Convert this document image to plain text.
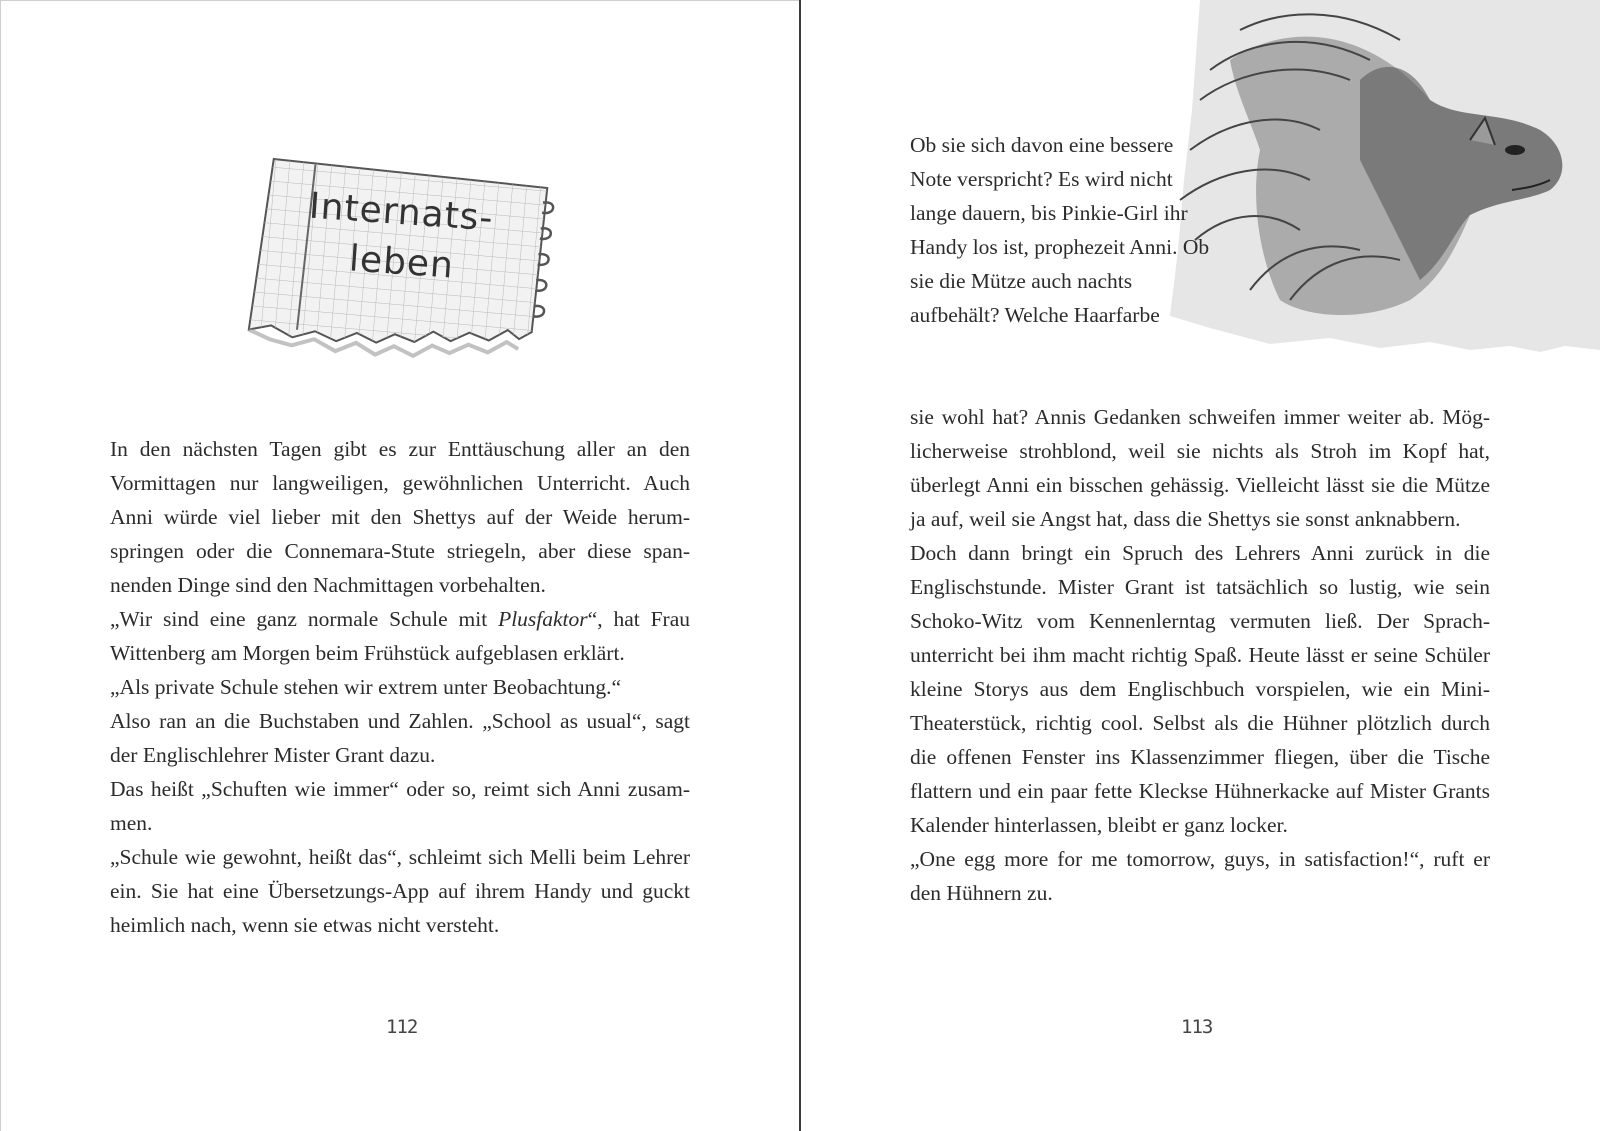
Internats-
leben

In den nächsten Tagen gibt es zur Enttäuschung aller an den Vormittagen nur langweiligen, gewöhnlichen Unterricht. Auch Anni würde viel lieber mit den Shettys auf der Weide herumspringen oder die Connemara-Stute striegeln, aber diese spannenden Dinge sind den Nachmittagen vorbehalten.

„Wir sind eine ganz normale Schule mit Plusfaktor“, hat Frau Wittenberg am Morgen beim Frühstück aufgeblasen erklärt.

„Als private Schule stehen wir extrem unter Beobachtung.“

Also ran an die Buchstaben und Zahlen. „School as usual“, sagt der Englischlehrer Mister Grant dazu.

Das heißt „Schuften wie immer“ oder so, reimt sich Anni zusammen.

„Schule wie gewohnt, heißt das“, schleimt sich Melli beim Lehrer ein. Sie hat eine Übersetzungs-App auf ihrem Handy und guckt heimlich nach, wenn sie etwas nicht versteht.

112
Ob sie sich davon eine bessere Note verspricht? Es wird nicht lange dauern, bis Pinkie-Girl ihr Handy los ist, prophezeit Anni. Ob sie die Mütze auch nachts aufbehält? Welche Haarfarbe

sie wohl hat? Annis Gedanken schweifen immer weiter ab. Möglicherweise strohblond, weil sie nichts als Stroh im Kopf hat, überlegt Anni ein bisschen gehässig. Vielleicht lässt sie die Mütze ja auf, weil sie Angst hat, dass die Shettys sie sonst anknabbern.

Doch dann bringt ein Spruch des Lehrers Anni zurück in die Englischstunde. Mister Grant ist tatsächlich so lustig, wie sein Schoko-Witz vom Kennenlerntag vermuten ließ. Der Sprachunterricht bei ihm macht richtig Spaß. Heute lässt er seine Schüler kleine Storys aus dem Englischbuch vorspielen, wie ein Mini-Theaterstück, richtig cool. Selbst als die Hühner plötzlich durch die offenen Fenster ins Klassenzimmer fliegen, über die Tische flattern und ein paar fette Kleckse Hühnerkacke auf Mister Grants Kalender hinterlassen, bleibt er ganz locker.

„One egg more for me tomorrow, guys, in satisfaction!“, ruft er den Hühnern zu.

113
